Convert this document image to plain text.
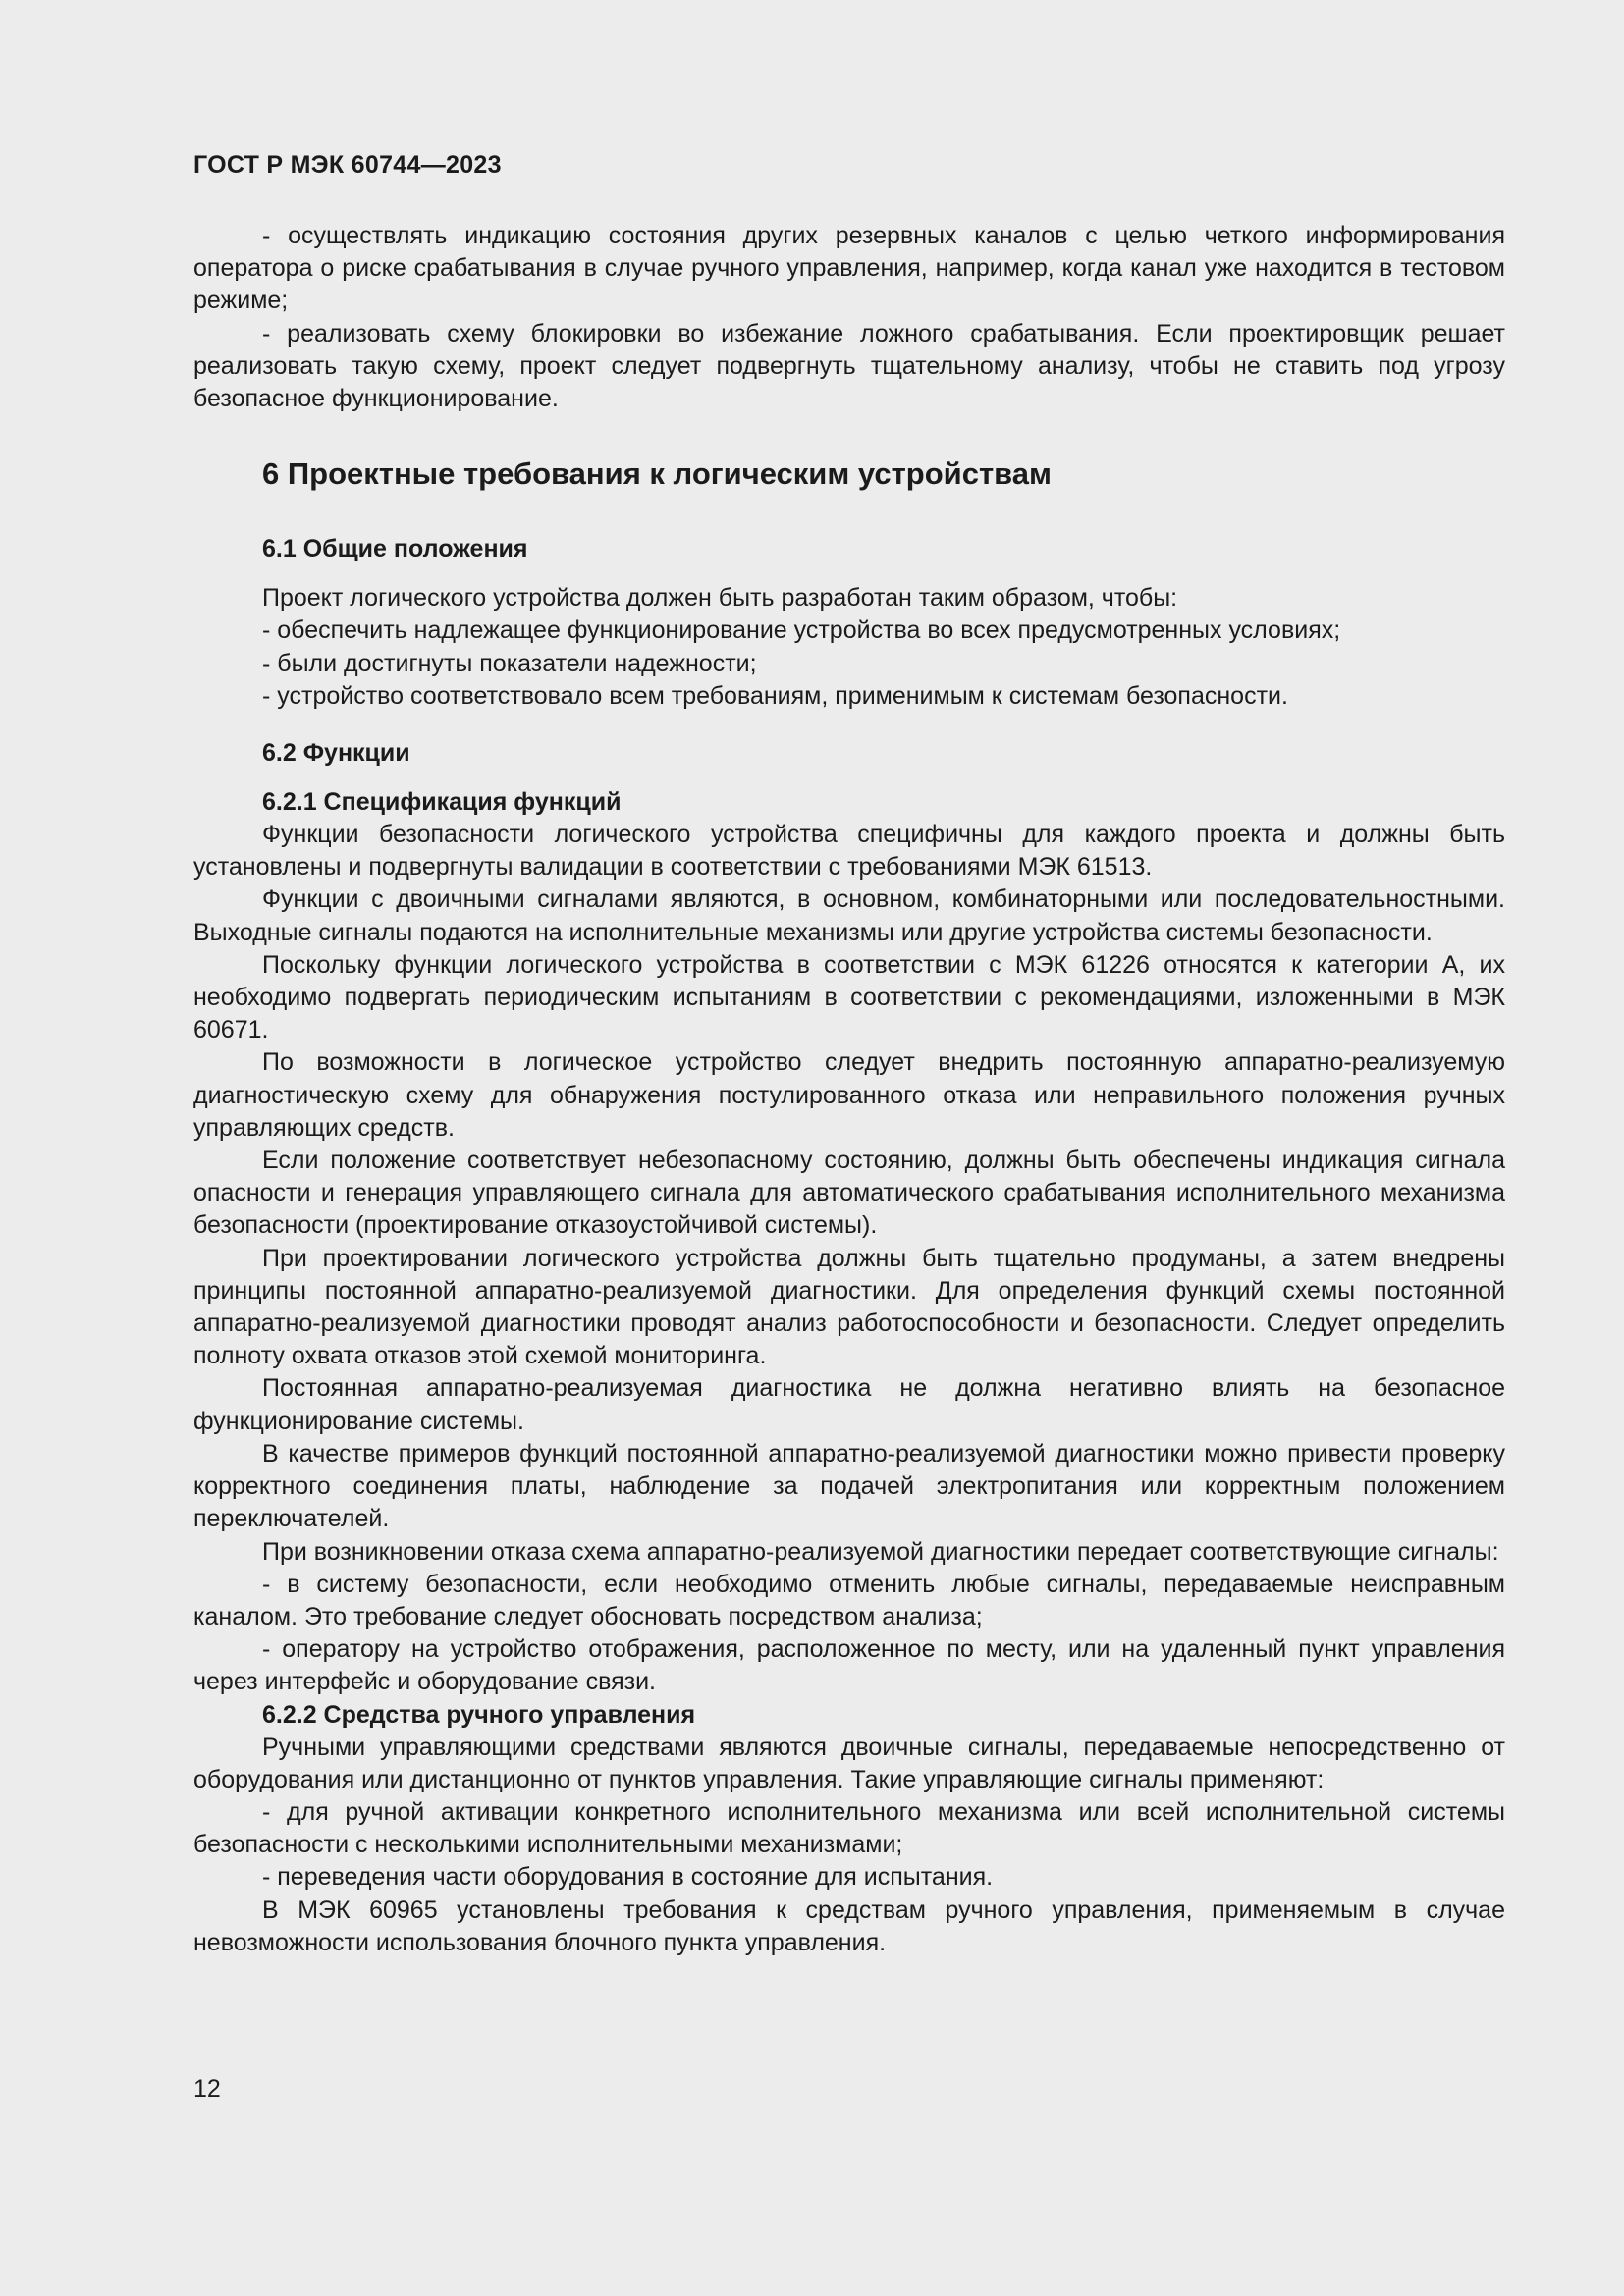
ГОСТ Р МЭК 60744—2023

- осуществлять индикацию состояния других резервных каналов с целью четкого информирования оператора о риске срабатывания в случае ручного управления, например, когда канал уже находится в тестовом режиме;

- реализовать схему блокировки во избежание ложного срабатывания. Если проектировщик решает реализовать такую схему, проект следует подвергнуть тщательному анализу, чтобы не ставить под угрозу безопасное функционирование.

6 Проектные требования к логическим устройствам
6.1 Общие положения

Проект логического устройства должен быть разработан таким образом, чтобы:

- обеспечить надлежащее функционирование устройства во всех предусмотренных условиях;

- были достигнуты показатели надежности;

- устройство соответствовало всем требованиям, применимым к системам безопасности.

6.2 Функции
6.2.1 Спецификация функций

Функции безопасности логического устройства специфичны для каждого проекта и должны быть установлены и подвергнуты валидации в соответствии с требованиями МЭК 61513.

Функции с двоичными сигналами являются, в основном, комбинаторными или последовательностными. Выходные сигналы подаются на исполнительные механизмы или другие устройства системы безопасности.

Поскольку функции логического устройства в соответствии с МЭК 61226 относятся к категории А, их необходимо подвергать периодическим испытаниям в соответствии с рекомендациями, изложенными в МЭК 60671.

По возможности в логическое устройство следует внедрить постоянную аппаратно-реализуемую диагностическую схему для обнаружения постулированного отказа или неправильного положения ручных управляющих средств.

Если положение соответствует небезопасному состоянию, должны быть обеспечены индикация сигнала опасности и генерация управляющего сигнала для автоматического срабатывания исполнительного механизма безопасности (проектирование отказоустойчивой системы).

При проектировании логического устройства должны быть тщательно продуманы, а затем внедрены принципы постоянной аппаратно-реализуемой диагностики. Для определения функций схемы постоянной аппаратно-реализуемой диагностики проводят анализ работоспособности и безопасности. Следует определить полноту охвата отказов этой схемой мониторинга.

Постоянная аппаратно-реализуемая диагностика не должна негативно влиять на безопасное функционирование системы.

В качестве примеров функций постоянной аппаратно-реализуемой диагностики можно привести проверку корректного соединения платы, наблюдение за подачей электропитания или корректным положением переключателей.

При возникновении отказа схема аппаратно-реализуемой диагностики передает соответствующие сигналы:

- в систему безопасности, если необходимо отменить любые сигналы, передаваемые неисправным каналом. Это требование следует обосновать посредством анализа;

- оператору на устройство отображения, расположенное по месту, или на удаленный пункт управления через интерфейс и оборудование связи.

6.2.2 Средства ручного управления

Ручными управляющими средствами являются двоичные сигналы, передаваемые непосредственно от оборудования или дистанционно от пунктов управления. Такие управляющие сигналы применяют:

- для ручной активации конкретного исполнительного механизма или всей исполнительной системы безопасности с несколькими исполнительными механизмами;

- переведения части оборудования в состояние для испытания.

В МЭК 60965 установлены требования к средствам ручного управления, применяемым в случае невозможности использования блочного пункта управления.

12
